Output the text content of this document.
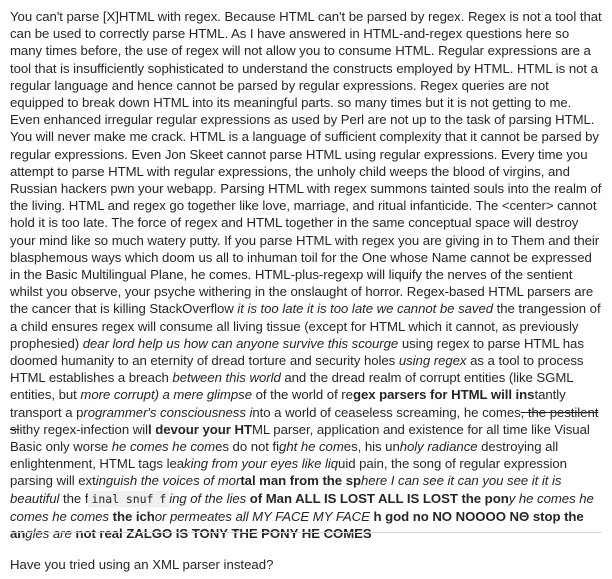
You can't parse [X]HTML with regex. Because HTML can't be parsed by regex. Regex is not a tool that can be used to correctly parse HTML. As I have answered in HTML-and-regex questions here so many times before, the use of regex will not allow you to consume HTML. Regular expressions are a tool that is insufficiently sophisticated to understand the constructs employed by HTML. HTML is not a regular language and hence cannot be parsed by regular expressions. Regex queries are not equipped to break down HTML into its meaningful parts. so many times but it is not getting to me. Even enhanced irregular regular expressions as used by Perl are not up to the task of parsing HTML. You will never make me crack. HTML is a language of sufficient complexity that it cannot be parsed by regular expressions. Even Jon Skeet cannot parse HTML using regular expressions. Every time you attempt to parse HTML with regular expressions, the unholy child weeps the blood of virgins, and Russian hackers pwn your webapp. Parsing HTML with regex summons tainted souls into the realm of the living. HTML and regex go together like love, marriage, and ritual infanticide. The <center> cannot hold it is too late. The force of regex and HTML together in the same conceptual space will destroy your mind like so much watery putty. If you parse HTML with regex you are giving in to Them and their blasphemous ways which doom us all to inhuman toil for the One whose Name cannot be expressed in the Basic Multilingual Plane, he comes. HTML-plus-regexp will liquify the nerves of the sentient whilst you observe, your psyche withering in the onslaught of horror. Regex-based HTML parsers are the cancer that is killing StackOverflow it is too late it is too late we cannot be saved the trangession of a child ensures regex will consume all living tissue (except for HTML which it cannot, as previously prophesied) dear lord help us how can anyone survive this scourge using regex to parse HTML has doomed humanity to an eternity of dread torture and security holes using regex as a tool to process HTML establishes a breach between this world and the dread realm of corrupt entities (like SGML entities, but more corrupt) a mere glimpse of the world of regex parsers for HTML will instantly transport a programmer's consciousness into a world of ceaseless screaming, he comes, the pestilent slithy regex-infection will devour your HTML parser, application and existence for all time like Visual Basic only worse he comes he comes do not fight he comes, his unholy radiance destroying all enlightenment, HTML tags leaking from your eyes like liquid pain, the song of regular expression parsing will extinguish the voices of mortal man from the sphere I can see it can you see it it is beautiful the f inal snuf f ing of the lies of Man ALL IS LOST ALL IS LOST the pony he comes he comes he comes the ichor permeates all MY FACE MY FACE h god no NO NOOOO NΘ stop the angles are not real ZALGO IS TONY THE PONY HE COMES

Have you tried using an XML parser instead?
